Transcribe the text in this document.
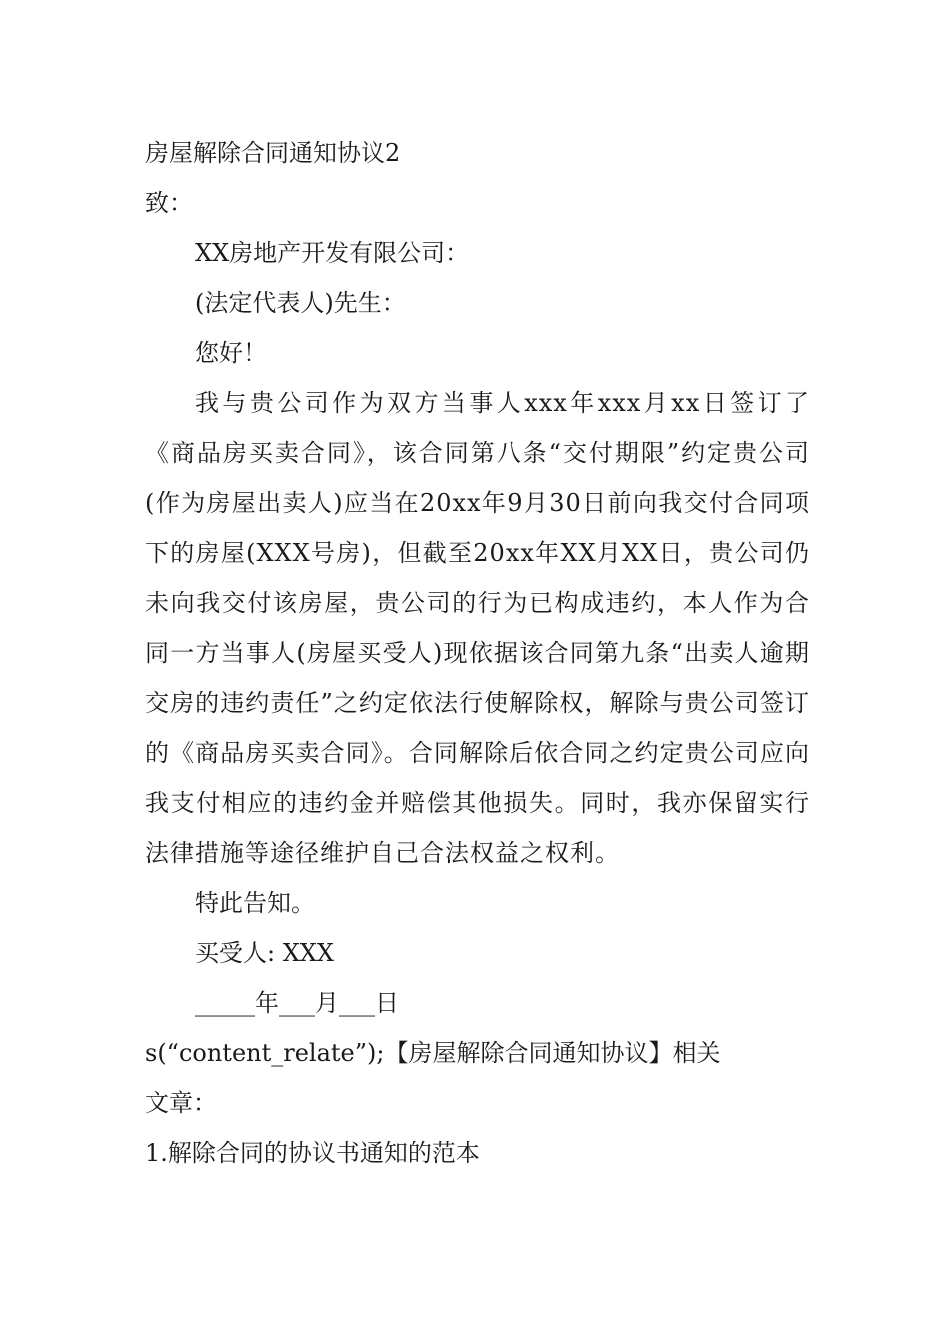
房屋解除合同通知协议2

致：

XX房地产开发有限公司：

(法定代表人)先生：

您好！

我与贵公司作为双方当事人xxx年xxx月xx日签订了《商品房买卖合同》，该合同第八条“交付期限”约定贵公司(作为房屋出卖人)应当在20xx年9月30日前向我交付合同项下的房屋(XXX号房)，但截至20xx年XX月XX日，贵公司仍未向我交付该房屋，贵公司的行为已构成违约，本人作为合同一方当事人(房屋买受人)现依据该合同第九条“出卖人逾期交房的违约责任”之约定依法行使解除权，解除与贵公司签订的《商品房买卖合同》。合同解除后依合同之约定贵公司应向我支付相应的违约金并赔偿其他损失。同时，我亦保留实行法律措施等途径维护自己合法权益之权利。

特此告知。

买受人: XXX

_____年___月___日

s(“content_relate”);【房屋解除合同通知协议】相关

文章：

1.解除合同的协议书通知的范本
